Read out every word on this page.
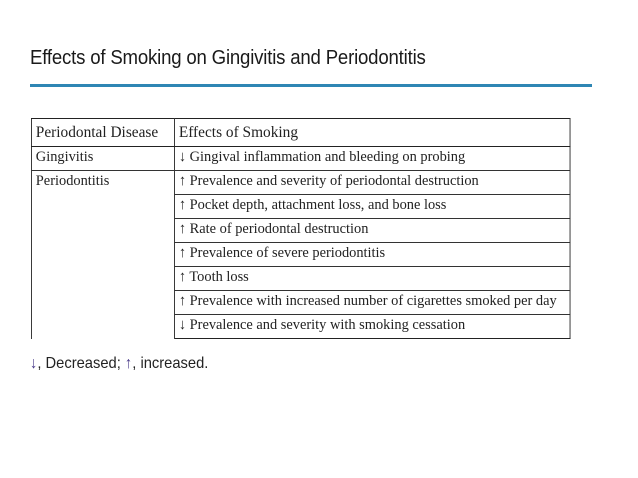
Effects of Smoking on Gingivitis and Periodontitis
Periodontal Disease	Effects of Smoking
Gingivitis	↓ Gingival inflammation and bleeding on probing
Periodontitis	↑ Prevalence and severity of periodontal destruction
	↑ Pocket depth, attachment loss, and bone loss
	↑ Rate of periodontal destruction
	↑ Prevalence of severe periodontitis
	↑ Tooth loss
	↑ Prevalence with increased number of cigarettes smoked per day
	↓ Prevalence and severity with smoking cessation
↓, Decreased; ↑, increased.
